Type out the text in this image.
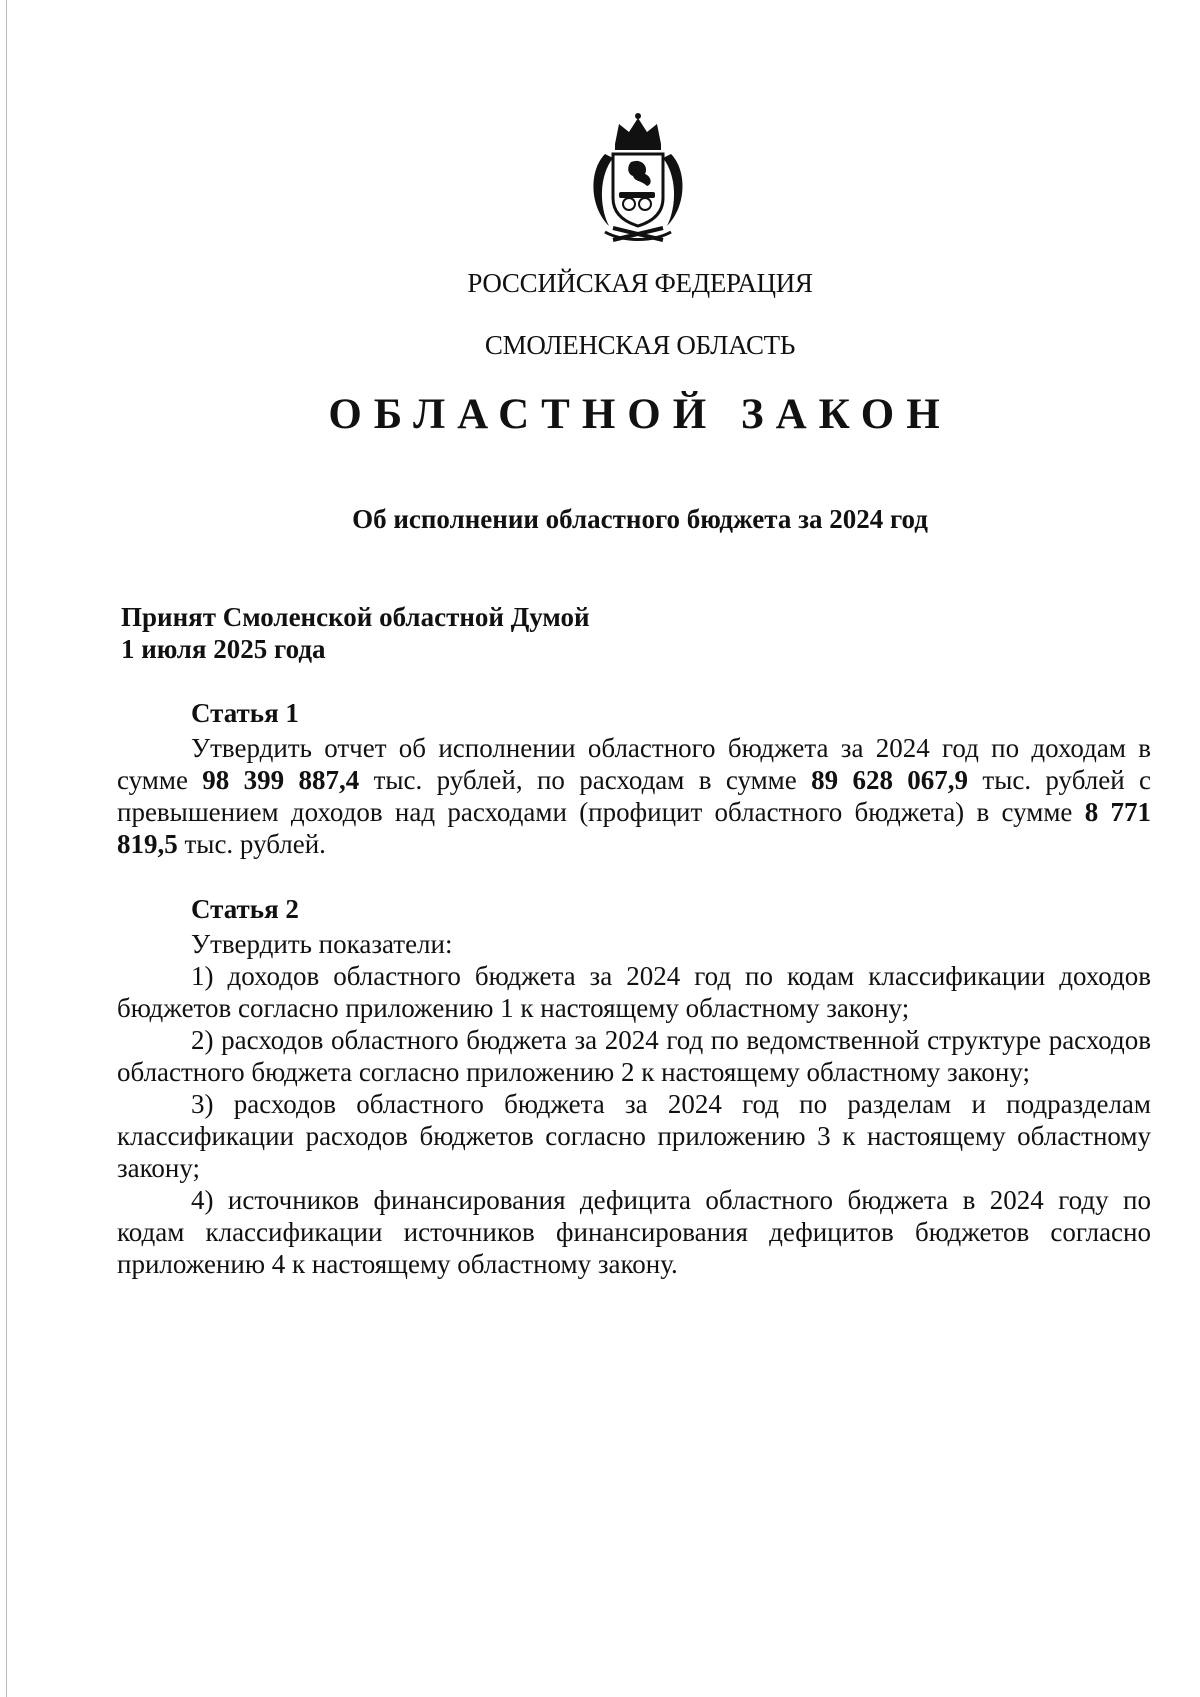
РОССИЙСКАЯ ФЕДЕРАЦИЯ
СМОЛЕНСКАЯ ОБЛАСТЬ
ОБЛАСТНОЙ ЗАКОН
Об исполнении областного бюджета за 2024 год
Принят Смоленской областной Думой
1 июля 2025 года
Статья 1

Утвердить отчет об исполнении областного бюджета за 2024 год по доходам в сумме 98 399 887,4 тыс. рублей, по расходам в сумме 89 628 067,9 тыс. рублей с превышением доходов над расходами (профицит областного бюджета) в сумме 8 771 819,5 тыс. рублей.

Статья 2

Утвердить показатели:

1) доходов областного бюджета за 2024 год по кодам классификации доходов бюджетов согласно приложению 1 к настоящему областному закону;

2) расходов областного бюджета за 2024 год по ведомственной структуре расходов областного бюджета согласно приложению 2 к настоящему областному закону;

3) расходов областного бюджета за 2024 год по разделам и подразделам классификации расходов бюджетов согласно приложению 3 к настоящему областному закону;

4) источников финансирования дефицита областного бюджета в 2024 году по кодам классификации источников финансирования дефицитов бюджетов согласно приложению 4 к настоящему областному закону.
